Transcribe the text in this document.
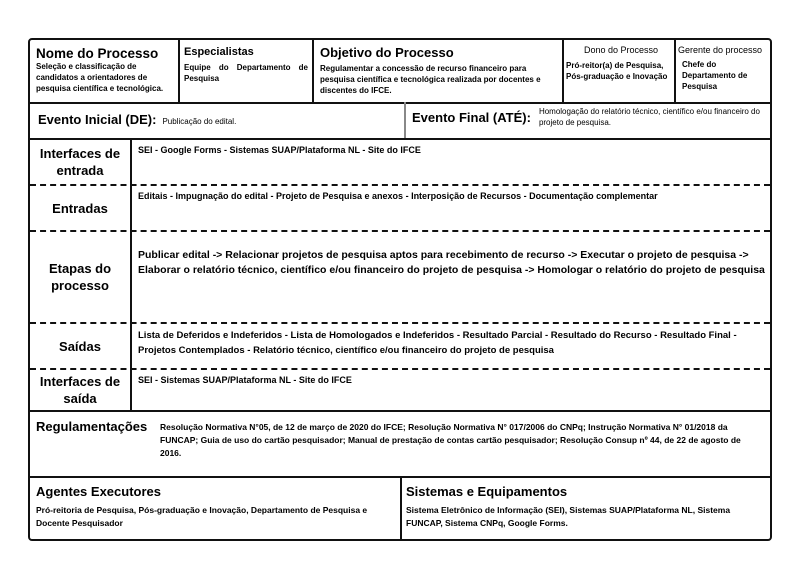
Nome do Processo
Seleção e classificação de candidatos a orientadores de pesquisa científica e tecnológica.
Especialistas
Equipe do Departamento de Pesquisa
Objetivo do Processo
Regulamentar a concessão de recurso financeiro para pesquisa científica e tecnológica realizada por docentes e discentes do IFCE.
Dono do Processo
Pró-reitor(a) de Pesquisa, Pós-graduação e Inovação
Gerente do processo
Chefe do Departamento de Pesquisa
Evento Inicial (DE): Publicação do edital.	Evento Final (ATÉ): Homologação do relatório técnico, científico e/ou financeiro do projeto de pesquisa.
Interfaces de entrada
SEI - Google Forms - Sistemas SUAP/Plataforma NL - Site do IFCE
Entradas
Editais - Impugnação do edital - Projeto de Pesquisa e anexos - Interposição de Recursos - Documentação complementar
Etapas do processo
Publicar edital -> Relacionar projetos de pesquisa aptos para recebimento de recurso -> Executar o projeto de pesquisa -> Elaborar o relatório técnico, científico e/ou financeiro do projeto de pesquisa -> Homologar o relatório do projeto de pesquisa
Saídas
Lista de Deferidos e Indeferidos - Lista de Homologados e Indeferidos - Resultado Parcial - Resultado do Recurso - Resultado Final - Projetos Contemplados - Relatório técnico, científico e/ou financeiro do projeto de pesquisa
Interfaces de saída
SEI - Sistemas SUAP/Plataforma NL - Site do IFCE
Regulamentações Resolução Normativa N°05, de 12 de março de 2020 do IFCE; Resolução Normativa N° 017/2006 do CNPq; Instrução Normativa N° 01/2018 da FUNCAP; Guia de uso do cartão pesquisador; Manual de prestação de contas cartão pesquisador; Resolução Consup nº 44, de 22 de agosto de 2016.
Agentes Executores
Pró-reitoria de Pesquisa, Pós-graduação e Inovação, Departamento de Pesquisa e Docente Pesquisador
Sistemas e Equipamentos
Sistema Eletrônico de Informação (SEI), Sistemas SUAP/Plataforma NL, Sistema FUNCAP, Sistema CNPq, Google Forms.
